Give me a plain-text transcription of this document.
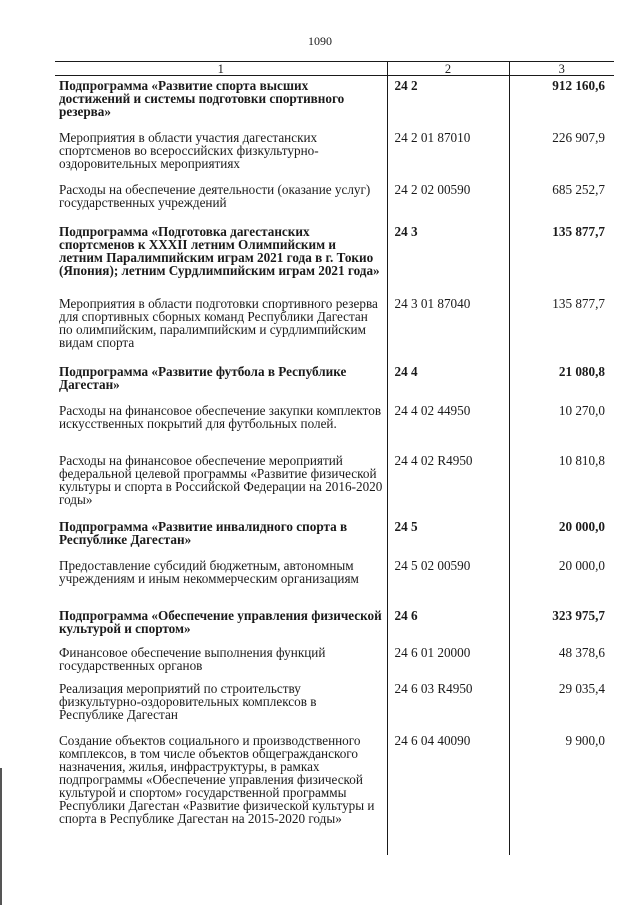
1090
1	2	3
Подпрограмма «Развитие спорта высших достижений и системы подготовки спортивного резерва»	24 2	912 160,6
Мероприятия в области участия дагестанских спортсменов во всероссийских физкультурно-оздоровительных мероприятиях	24 2 01 87010	226 907,9
Расходы на обеспечение деятельности (оказание услуг) государственных учреждений	24 2 02 00590	685 252,7
Подпрограмма «Подготовка дагестанских спортсменов к XXXII летним Олимпийским и летним Паралимпийским играм 2021 года в г. Токио (Япония); летним Сурдлимпийским играм 2021 года»	24 3	135 877,7
Мероприятия в области подготовки спортивного резерва для спортивных сборных команд Республики Дагестан по олимпийским, паралимпийским и сурдлимпийским видам спорта	24 3 01 87040	135 877,7
Подпрограмма «Развитие футбола в Республике Дагестан»	24 4	21 080,8
Расходы на финансовое обеспечение закупки комплектов искусственных покрытий для футбольных полей.	24 4 02 44950	10 270,0
Расходы на финансовое обеспечение мероприятий федеральной целевой программы «Развитие физической культуры и спорта в Российской Федерации на 2016-2020 годы»	24 4 02 R4950	10 810,8
Подпрограмма «Развитие инвалидного спорта в Республике Дагестан»	24 5	20 000,0
Предоставление субсидий бюджетным, автономным учреждениям и иным некоммерческим организациям	24 5 02 00590	20 000,0
Подпрограмма «Обеспечение управления физической культурой и спортом»	24 6	323 975,7
Финансовое обеспечение выполнения функций государственных органов	24 6 01 20000	48 378,6
Реализация мероприятий по строительству физкультурно-оздоровительных комплексов в Республике Дагестан	24 6 03 R4950	29 035,4
Создание объектов социального и производственного комплексов, в том числе объектов общегражданского назначения, жилья, инфраструктуры, в рамках подпрограммы «Обеспечение управления физической культурой и спортом» государственной программы Республики Дагестан «Развитие физической культуры и спорта в Республике Дагестан на 2015-2020 годы»	24 6 04 40090	9 900,0
